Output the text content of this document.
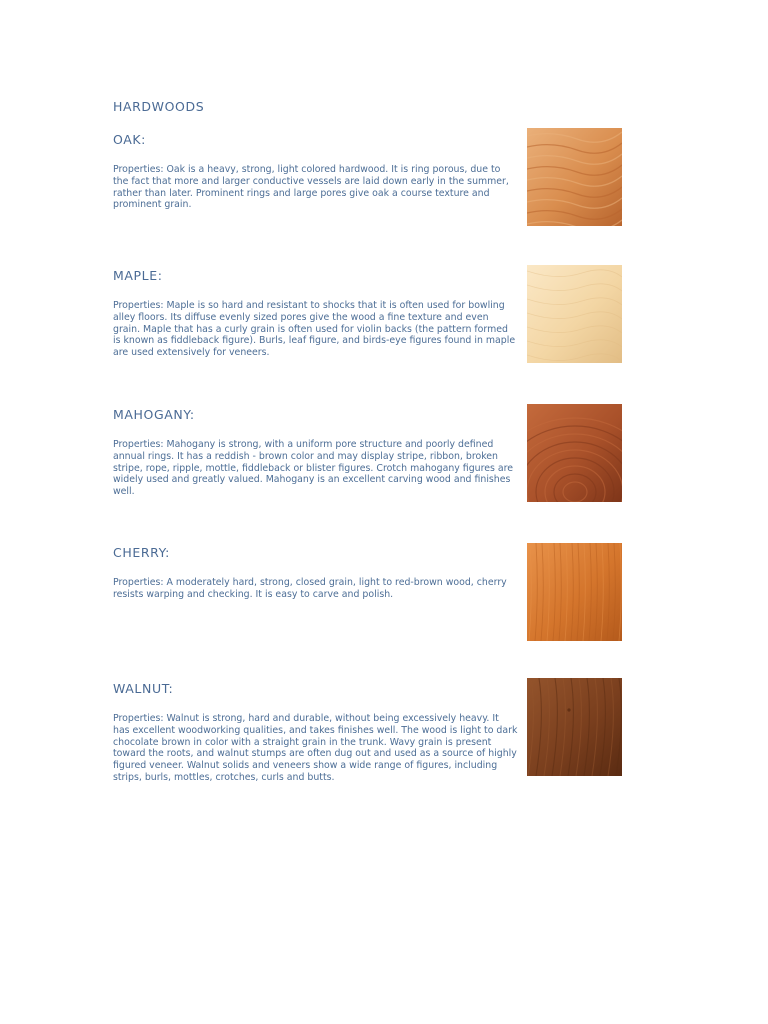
HARDWOODS
OAK:

Properties: Oak is a heavy, strong, light colored hardwood. It is ring porous, due to the fact that more and larger conductive vessels are laid down early in the summer, rather than later. Prominent rings and large pores give oak a course texture and prominent grain.

MAPLE:

Properties: Maple is so hard and resistant to shocks that it is often used for bowling alley floors. Its diffuse evenly sized pores give the wood a fine texture and even grain. Maple that has a curly grain is often used for violin backs (the pattern formed is known as fiddleback figure). Burls, leaf figure, and birds-eye figures found in maple are used extensively for veneers.

MAHOGANY:

Properties: Mahogany is strong, with a uniform pore structure and poorly defined annual rings. It has a reddish - brown color and may display stripe, ribbon, broken stripe, rope, ripple, mottle, fiddleback or blister figures. Crotch mahogany figures are widely used and greatly valued. Mahogany is an excellent carving wood and finishes well.

CHERRY:

Properties: A moderately hard, strong, closed grain, light to red-brown wood, cherry resists warping and checking. It is easy to carve and polish.

WALNUT:

Properties: Walnut is strong, hard and durable, without being excessively heavy. It has excellent woodworking qualities, and takes finishes well. The wood is light to dark chocolate brown in color with a straight grain in the trunk. Wavy grain is present toward the roots, and walnut stumps are often dug out and used as a source of highly figured veneer. Walnut solids and veneers show a wide range of figures, including strips, burls, mottles, crotches, curls and butts.
